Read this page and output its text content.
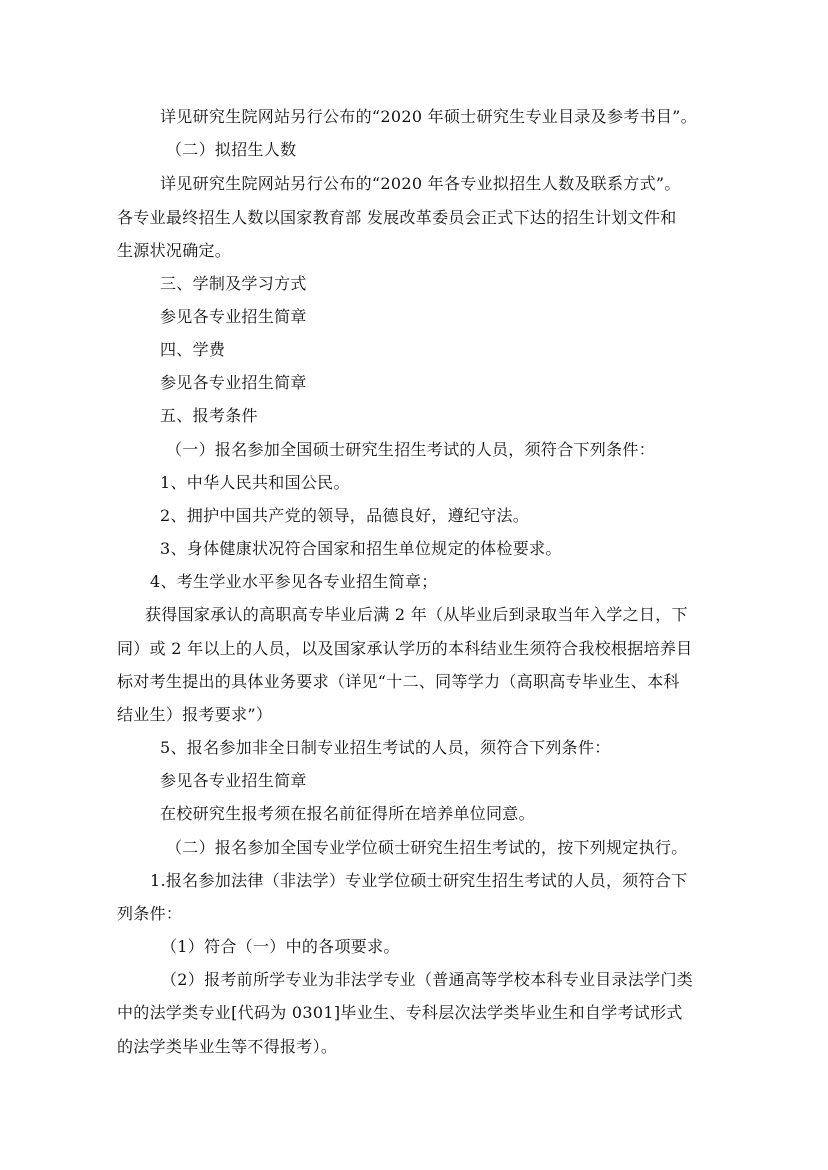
详见研究生院网站另行公布的“2020 年硕士研究生专业目录及参考书目”。

（二）拟招生人数

详见研究生院网站另行公布的“2020 年各专业拟招生人数及联系方式”。

各专业最终招生人数以国家教育部 发展改革委员会正式下达的招生计划文件和

生源状况确定。

三、学制及学习方式

参见各专业招生简章

四、学费

参见各专业招生简章

五、报考条件

（一）报名参加全国硕士研究生招生考试的人员，须符合下列条件：

1、中华人民共和国公民。

2、拥护中国共产党的领导，品德良好，遵纪守法。

3、身体健康状况符合国家和招生单位规定的体检要求。

4、考生学业水平参见各专业招生简章；

获得国家承认的高职高专毕业后满 2 年（从毕业后到录取当年入学之日，下

同）或 2 年以上的人员，以及国家承认学历的本科结业生须符合我校根据培养目

标对考生提出的具体业务要求（详见“十二、同等学力（高职高专毕业生、本科

结业生）报考要求”）

5、报名参加非全日制专业招生考试的人员，须符合下列条件：

参见各专业招生简章

在校研究生报考须在报名前征得所在培养单位同意。

（二）报名参加全国专业学位硕士研究生招生考试的，按下列规定执行。

1.报名参加法律（非法学）专业学位硕士研究生招生考试的人员，须符合下

列条件：

（1）符合（一）中的各项要求。

（2）报考前所学专业为非法学专业（普通高等学校本科专业目录法学门类

中的法学类专业[代码为 0301]毕业生、专科层次法学类毕业生和自学考试形式

的法学类毕业生等不得报考）。
